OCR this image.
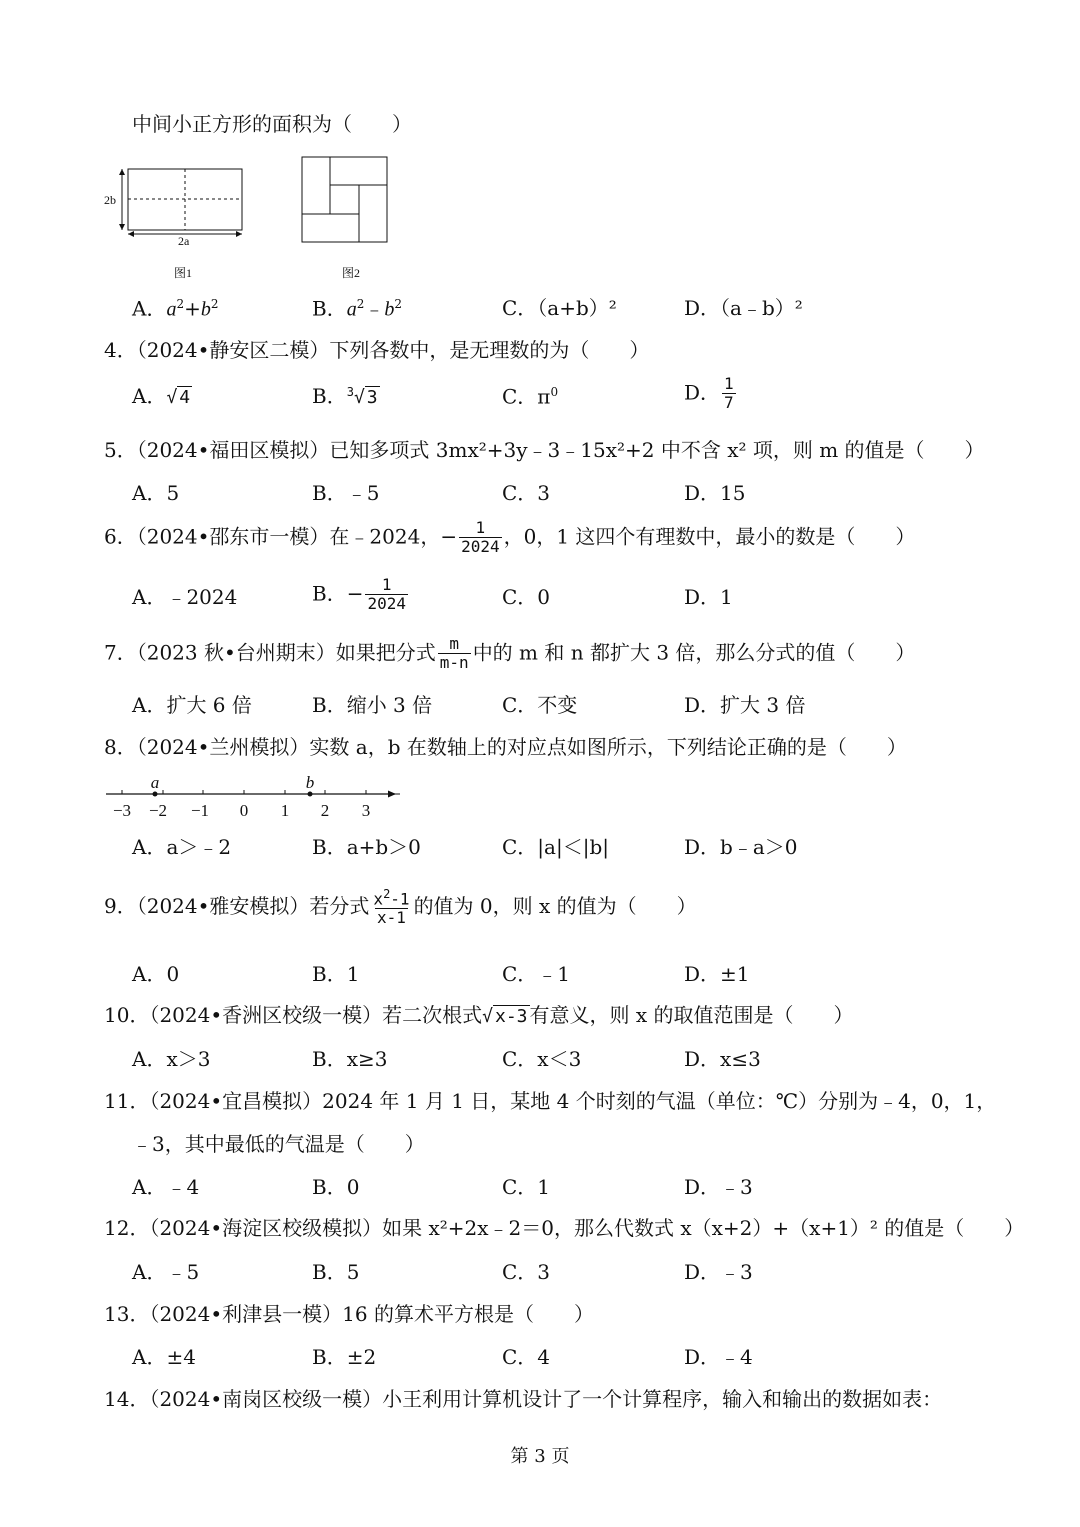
中间小正方形的面积为（　　）
2b
2a
图1	图2
A．$a^2+b^2$	B．$a^2﹣b^2$	C．（a+b）²	D．（a﹣b）²
4．（2024•静安区二模）下列各数中，是无理数的为（　　）
A．√ 4	B．$^3$√ 3	C．$\pi^0$	D． $\frac{1}{7}$
5．（2024•福田区模拟）已知多项式 3mx²+3y﹣3﹣15x²+2 中不含 x² 项，则 m 的值是（　　）
A．5	B．﹣5	C．3	D．15
6．（2024•邵东市一模）在﹣2024，− $\frac{1}{2024}$ ，0，1 这四个有理数中，最小的数是（　　）
A．﹣2024	B．− $\frac{1}{2024}$	C．0	D．1
7．（2023 秋•台州期末）如果把分式 $\frac{m}{m-n}$ 中的 m 和 n 都扩大 3 倍，那么分式的值（　　）
A．扩大 6 倍	B．缩小 3 倍	C．不变	D．扩大 3 倍
8．（2024•兰州模拟）实数 a，b 在数轴上的对应点如图所示，下列结论正确的是（　　）
−3 −2 −1 0 1 2 3
a	b
A．a＞﹣2	B．a+b＞0	C．|a|＜|b|	D．b﹣a＞0
9．（2024•雅安模拟）若分式 $\frac{x^2-1}{x-1}$ 的值为 0，则 x 的值为（　　）
A．0	B．1	C．﹣1	D．±1
10．（2024•香洲区校级一模）若二次根式√ x-3 有意义，则 x 的取值范围是（　　）
A．x＞3	B．x≥3	C．x＜3	D．x≤3
11．（2024•宜昌模拟）2024 年 1 月 1 日，某地 4 个时刻的气温（单位：℃）分别为﹣4，0，1，
﹣3，其中最低的气温是（　　）
A．﹣4	B．0	C．1	D．﹣3
12．（2024•海淀区校级模拟）如果 x²+2x﹣2＝0，那么代数式 x（x+2）+（x+1）² 的值是（　　）
A．﹣5	B．5	C．3	D．﹣3
13．（2024•利津县一模）16 的算术平方根是（　　）
A．±4	B．±2	C．4	D．﹣4
14．（2024•南岗区校级一模）小王利用计算机设计了一个计算程序，输入和输出的数据如表：
第 3 页
